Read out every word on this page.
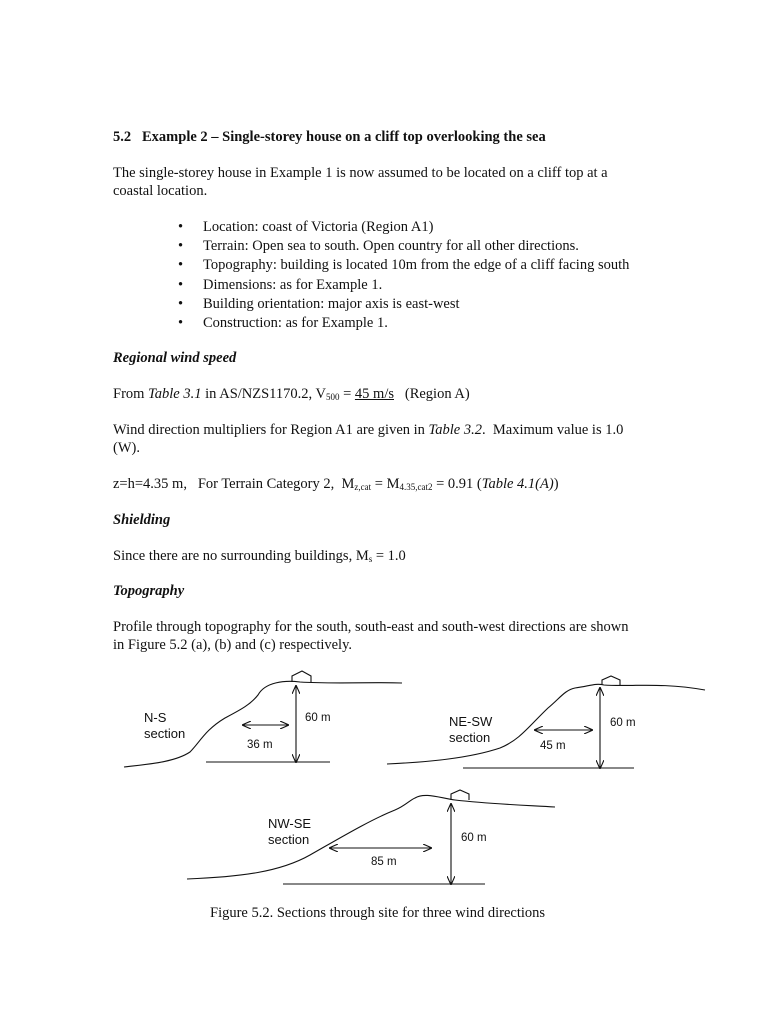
5.2 Example 2 – Single-storey house on a cliff top overlooking the sea
The single-storey house in Example 1 is now assumed to be located on a cliff top at a
coastal location.
• Location: coast of Victoria (Region A1)
• Terrain: Open sea to south. Open country for all other directions.
• Topography: building is located 10m from the edge of a cliff facing south
• Dimensions: as for Example 1.
• Building orientation: major axis is east-west
• Construction: as for Example 1.
Regional wind speed
From Table 3.1 in AS/NZS1170.2, $V_{500} = 45$ m/s   (Region A)
Wind direction multipliers for Region A1 are given in Table 3.2.  Maximum value is 1.0
(W).
z=h=4.35 m,   For Terrain Category 2,  $M_{z,cat} = M_{4.35,cat2} = 0.91$ (Table 4.1(A))
Shielding
Since there are no surrounding buildings, $M_s = 1.0$
Topography
Profile through topography for the south, south-east and south-west directions are shown
in Figure 5.2 (a), (b) and (c) respectively.
N-S
section
60 m
36 m
NE-SW
section
60 m
45 m
NW-SE
section	60 m
85 m
Figure 5.2. Sections through site for three wind directions
